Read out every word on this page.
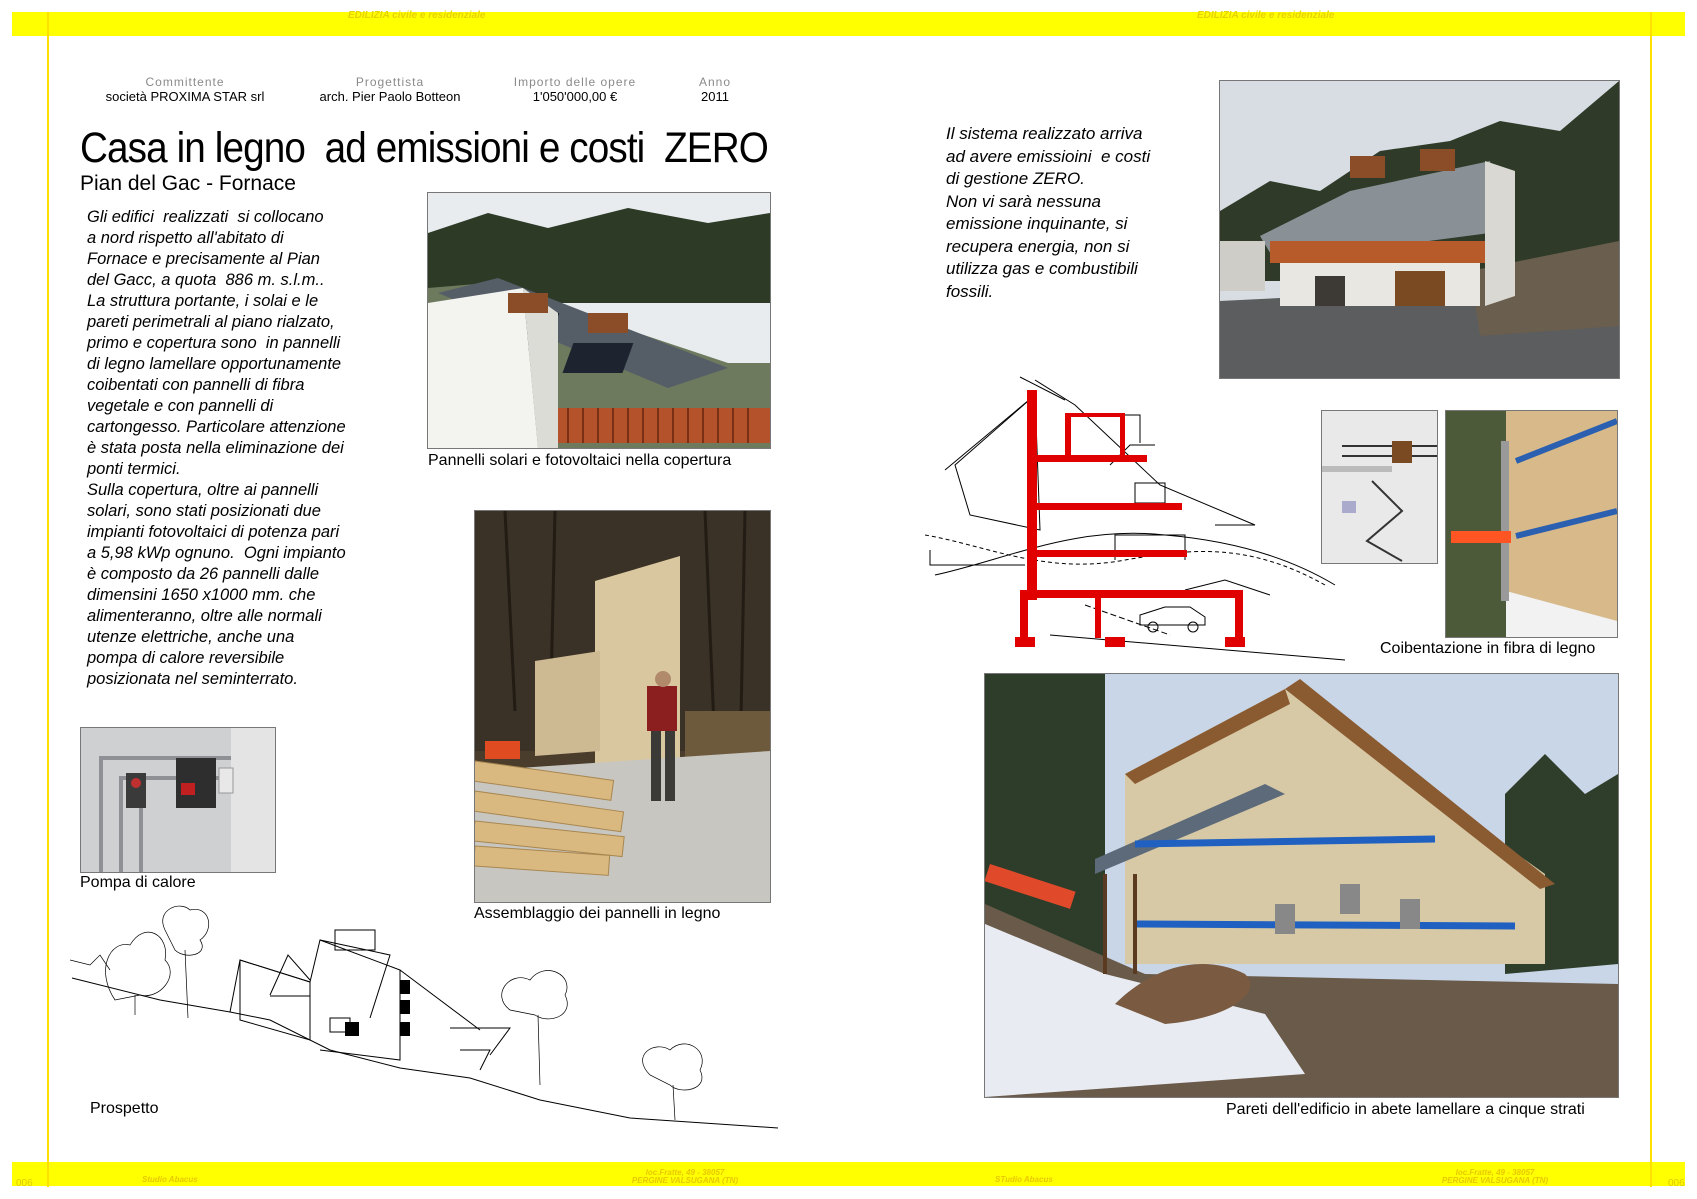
EDILIZIA civile e residenziale	EDILIZIA civile e residenziale
Committente
società PROXIMA STAR srl
Progettista
arch. Pier Paolo Botteon
Importo delle opere
1'050'000,00 €
Anno
2011
Casa in legno  ad emissioni e costi  ZERO
Pian del Gac - Fornace
Gli edifici  realizzati  si collocano
a nord rispetto all'abitato di
Fornace e precisamente al Pian
del Gacc, a quota  886 m. s.l.m..
La struttura portante, i solai e le
pareti perimetrali al piano rialzato,
primo e copertura sono  in pannelli
di legno lamellare opportunamente
coibentati con pannelli di fibra
vegetale e con pannelli di
cartongesso. Particolare attenzione
è stata posta nella eliminazione dei
ponti termici.
Sulla copertura, oltre ai pannelli
solari, sono stati posizionati due
impianti fotovoltaici di potenza pari
a 5,98 kWp ognuno.  Ogni impianto
è composto da 26 pannelli dalle
dimensini 1650 x1000 mm. che
alimenteranno, oltre alle normali
utenze elettriche, anche una
pompa di calore reversibile
posizionata nel seminterrato.
Il sistema realizzato arriva
ad avere emissioini  e costi
di gestione ZERO.
Non vi sarà nessuna
emissione inquinante, si
recupera energia, non si
utilizza gas e combustibili
fossili.
Pannelli solari e fotovoltaici nella copertura
Assemblaggio dei pannelli in legno
Pompa di calore
Prospetto
Coibentazione in fibra di legno
Pareti dell'edificio in abete lamellare a cinque strati
006	006
Studio Abacus
loc.Fratte, 49 - 38057
PERGINE VALSUGANA (TN)	STudio Abacus
loc.Fratte, 49 - 38057
PERGINE VALSUGANA (TN)
